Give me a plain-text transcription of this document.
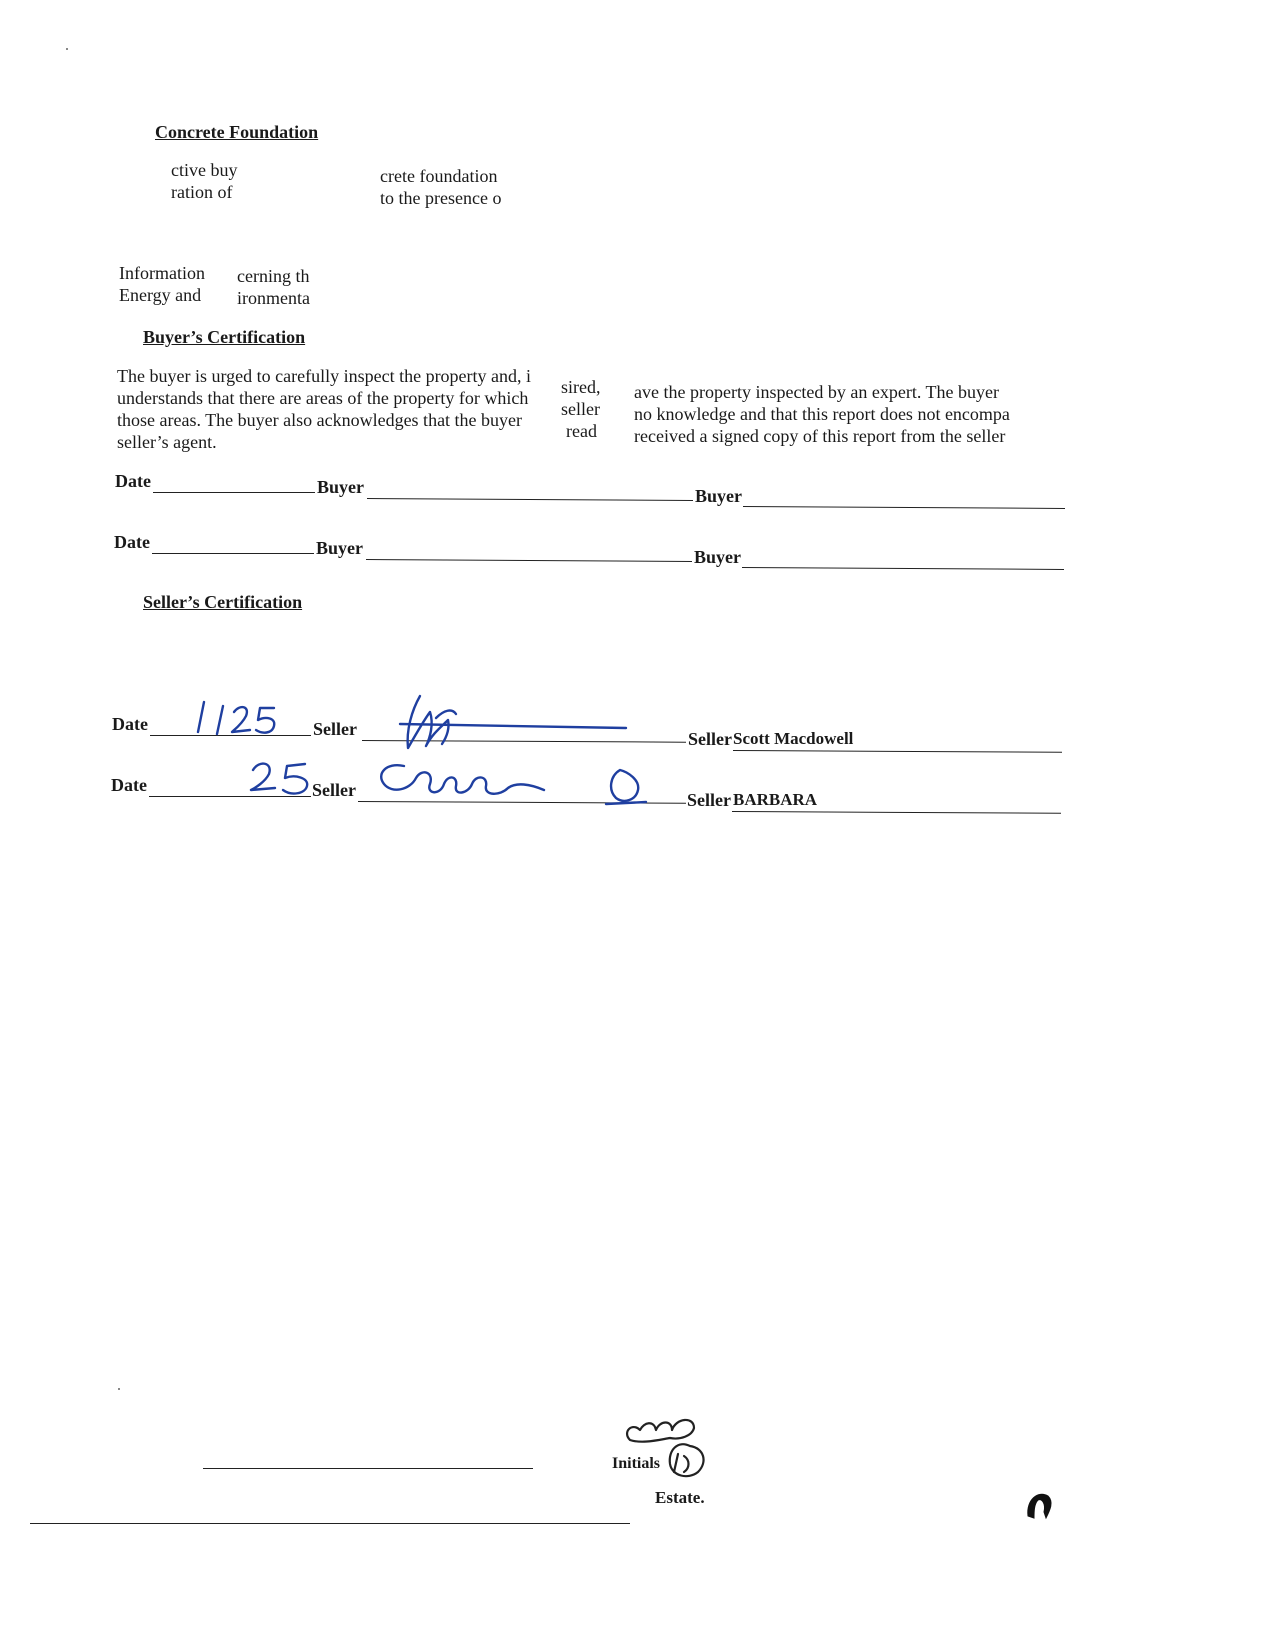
Concrete Foundation
ctive buy
ration of
crete foundation
to the presence o
Information
Energy and
cerning th
ironmenta
Buyer’s Certification
The buyer is urged to carefully inspect the property and, i
understands that there are areas of the property for which
those areas. The buyer also acknowledges that the buyer
seller’s agent.
sired,
seller
read
ave the property inspected by an expert. The buyer
no knowledge and that this report does not encompa
received a signed copy of this report from the seller
Date	Buyer	Buyer
Date	Buyer	Buyer
Seller’s Certification
Date	Seller	Seller Scott Macdowell
Date	Seller	Seller BARBARA
Initials
Estate.
